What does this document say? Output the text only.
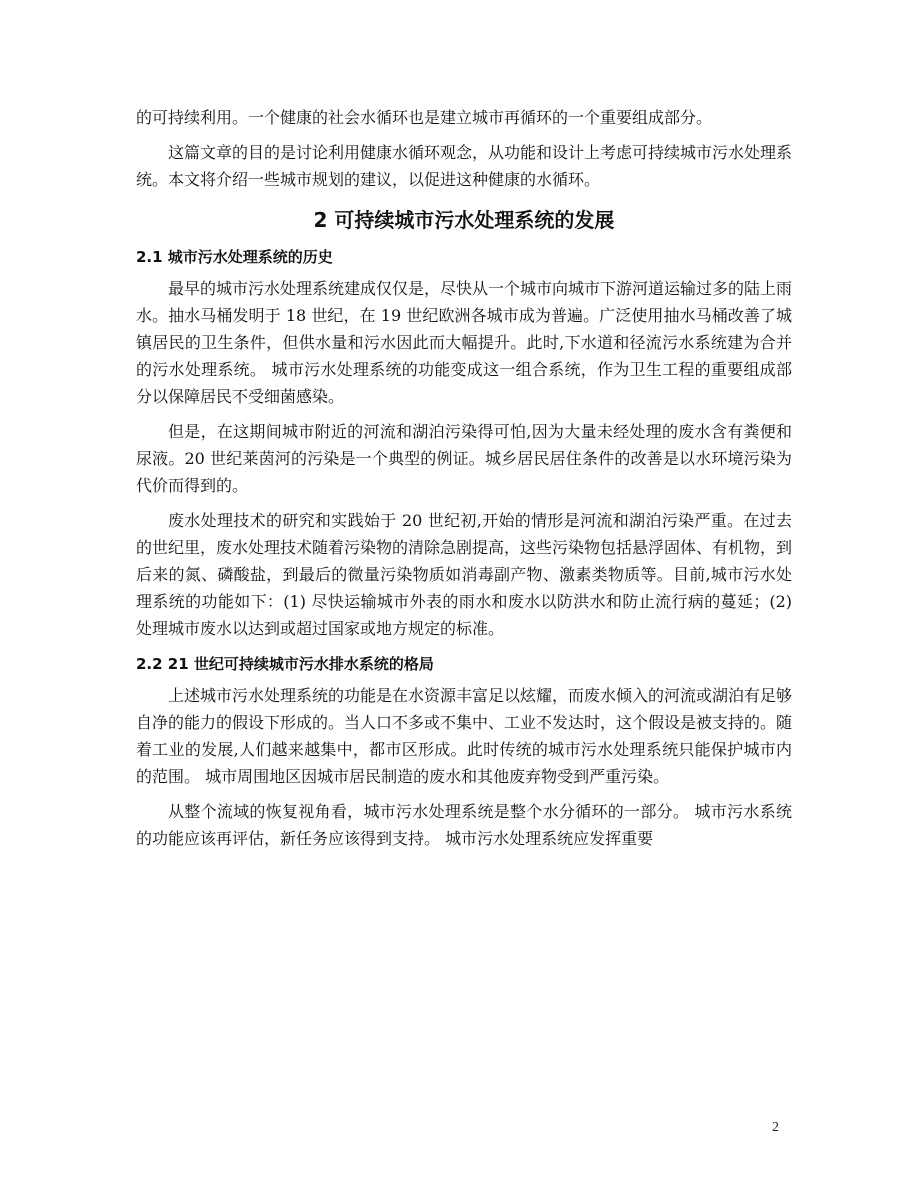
的可持续利用。一个健康的社会水循环也是建立城市再循环的一个重要组成部分。

这篇文章的目的是讨论利用健康水循环观念，从功能和设计上考虑可持续城市污水处理系统。本文将介绍一些城市规划的建议，以促进这种健康的水循环。

2 可持续城市污水处理系统的发展
2.1 城市污水处理系统的历史

最早的城市污水处理系统建成仅仅是，尽快从一个城市向城市下游河道运输过多的陆上雨水。抽水马桶发明于 18 世纪，在 19 世纪欧洲各城市成为普遍。广泛使用抽水马桶改善了城镇居民的卫生条件，但供水量和污水因此而大幅提升。此时,下水道和径流污水系统建为合并的污水处理系统。 城市污水处理系统的功能变成这一组合系统，作为卫生工程的重要组成部分以保障居民不受细菌感染。

但是，在这期间城市附近的河流和湖泊污染得可怕,因为大量未经处理的废水含有粪便和尿液。20 世纪莱茵河的污染是一个典型的例证。城乡居民居住条件的改善是以水环境污染为代价而得到的。

废水处理技术的研究和实践始于 20 世纪初,开始的情形是河流和湖泊污染严重。在过去的世纪里，废水处理技术随着污染物的清除急剧提高，这些污染物包括悬浮固体、有机物，到后来的氮、磷酸盐，到最后的微量污染物质如消毒副产物、激素类物质等。目前,城市污水处理系统的功能如下：(1) 尽快运输城市外表的雨水和废水以防洪水和防止流行病的蔓延；(2) 处理城市废水以达到或超过国家或地方规定的标准。

2.2 21 世纪可持续城市污水排水系统的格局

上述城市污水处理系统的功能是在水资源丰富足以炫耀，而废水倾入的河流或湖泊有足够自净的能力的假设下形成的。当人口不多或不集中、工业不发达时，这个假设是被支持的。随着工业的发展,人们越来越集中，都市区形成。此时传统的城市污水处理系统只能保护城市内的范围。 城市周围地区因城市居民制造的废水和其他废弃物受到严重污染。

从整个流域的恢复视角看，城市污水处理系统是整个水分循环的一部分。 城市污水系统的功能应该再评估，新任务应该得到支持。 城市污水处理系统应发挥重要

2
